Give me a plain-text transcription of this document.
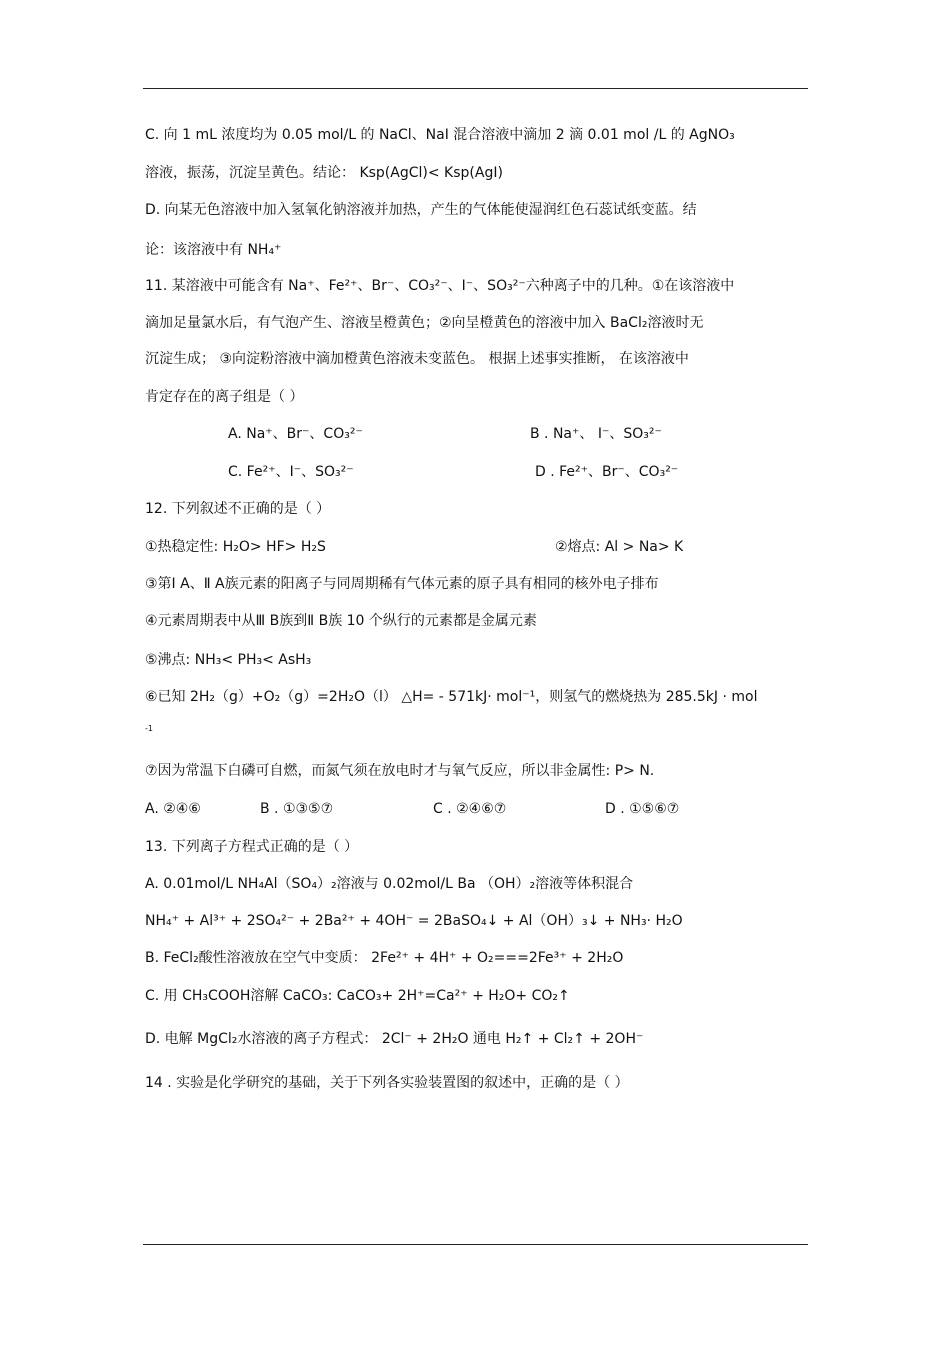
C. 向 1 mL 浓度均为 0.05 mol/L 的 NaCl、NaI 混合溶液中滴加 2 滴 0.01 mol /L 的 AgNO₃
溶液，振荡，沉淀呈黄色。结论： Ksp(AgCl)< Ksp(AgI)
D. 向某无色溶液中加入氢氧化钠溶液并加热，产生的气体能使湿润红色石蕊试纸变蓝。结
论：该溶液中有 NH₄⁺
11. 某溶液中可能含有 Na⁺、Fe²⁺、Br⁻、CO₃²⁻、I⁻、SO₃²⁻六种离子中的几种。①在该溶液中
滴加足量氯水后，有气泡产生、溶液呈橙黄色；②向呈橙黄色的溶液中加入 BaCl₂溶液时无
沉淀生成； ③向淀粉溶液中滴加橙黄色溶液未变蓝色。 根据上述事实推断， 在该溶液中
肯定存在的离子组是（ ）
A. Na⁺、Br⁻、CO₃²⁻	B . Na⁺、 I⁻、SO₃²⁻
C. Fe²⁺、I⁻、SO₃²⁻	D . Fe²⁺、Br⁻、CO₃²⁻
12. 下列叙述不正确的是（ ）
①热稳定性: H₂O> HF> H₂S	②熔点: Al > Na> K
③第Ⅰ A、Ⅱ A族元素的阳离子与同周期稀有气体元素的原子具有相同的核外电子排布
④元素周期表中从Ⅲ B族到Ⅱ B族 10 个纵行的元素都是金属元素
⑤沸点: NH₃< PH₃< AsH₃
⑥已知 2H₂（g）+O₂（g）=2H₂O（l） △H= - 571kJ· mol⁻¹，则氢气的燃烧热为 285.5kJ · mol
-1
⑦因为常温下白磷可自燃，而氮气须在放电时才与氧气反应，所以非金属性: P> N.
A. ②④⑥	B . ①③⑤⑦	C . ②④⑥⑦	D . ①⑤⑥⑦
13. 下列离子方程式正确的是（ ）
A. 0.01mol/L NH₄Al（SO₄）₂溶液与 0.02mol/L Ba （OH）₂溶液等体积混合
NH₄⁺ + Al³⁺ + 2SO₄²⁻ + 2Ba²⁺ + 4OH⁻ = 2BaSO₄↓ + Al（OH）₃↓ + NH₃· H₂O
B. FeCl₂酸性溶液放在空气中变质： 2Fe²⁺ + 4H⁺ + O₂===2Fe³⁺ + 2H₂O
C. 用 CH₃COOH溶解 CaCO₃: CaCO₃+ 2H⁺=Ca²⁺ + H₂O+ CO₂↑
D. 电解 MgCl₂水溶液的离子方程式： 2Cl⁻ + 2H₂O 通电 H₂↑ + Cl₂↑ + 2OH⁻
14 . 实验是化学研究的基础，关于下列各实验装置图的叙述中，正确的是（ ）
